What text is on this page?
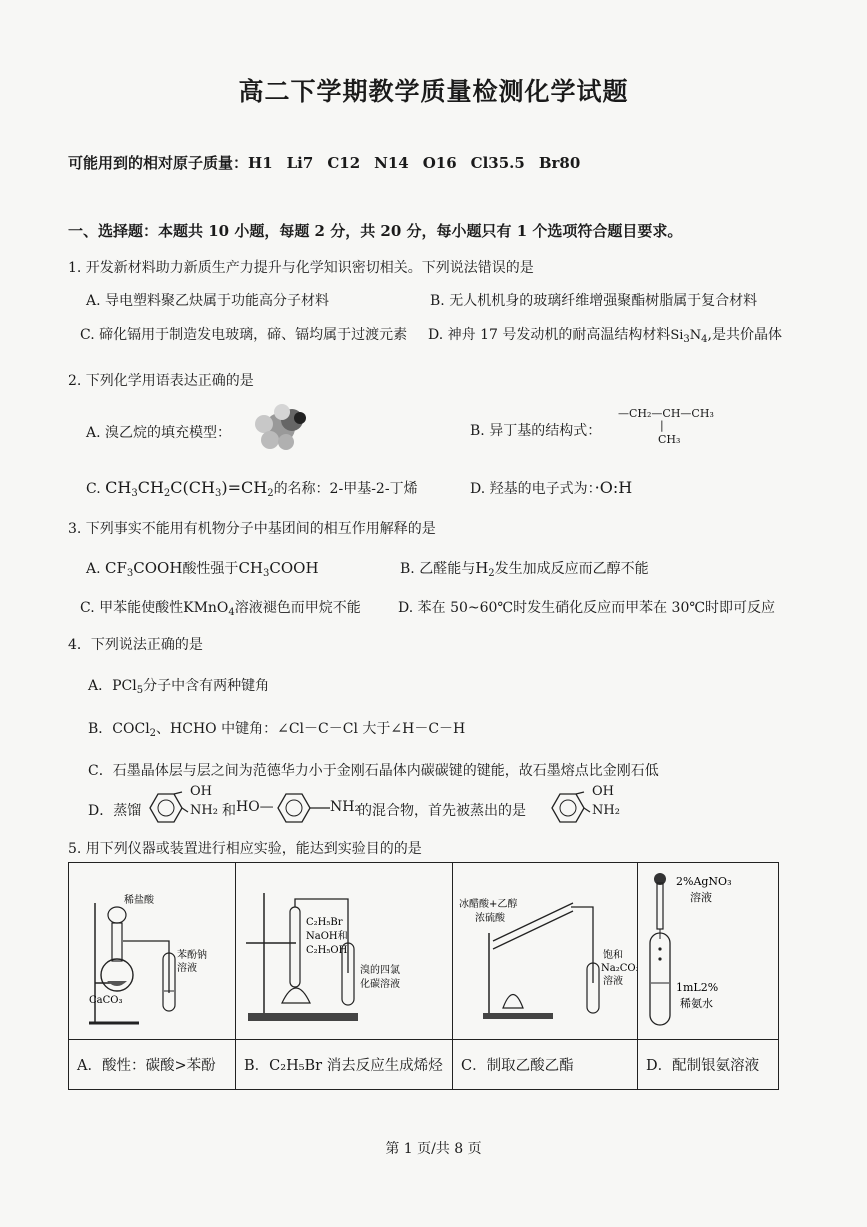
高二下学期教学质量检测化学试题
可能用到的相对原子质量：H1 Li7 C12 N14 O16 Cl35.5 Br80
一、选择题：本题共 10 小题，每题 2 分，共 20 分，每小题只有 1 个选项符合题目要求。
1. 开发新材料助力新质生产力提升与化学知识密切相关。下列说法错误的是
A. 导电塑料聚乙炔属于功能高分子材料	B. 无人机机身的玻璃纤维增强聚酯树脂属于复合材料
C. 碲化镉用于制造发电玻璃，碲、镉均属于过渡元素 D. 神舟 17 号发动机的耐高温结构材料$Si_3N_4$,是共价晶体
2. 下列化学用语表达正确的是
A. 溴乙烷的填充模型：	B. 异丁基的结构式：
—CH₂—CH—CH₃
|
CH₃
C. $CH_3CH_2C(CH_3)=CH_2$的名称：2-甲基-2-丁烯	D. 羟基的电子式为：·O:H
3. 下列事实不能用有机物分子中基团间的相互作用解释的是
A. $CF_3COOH$酸性强于$CH_3COOH$	B. 乙醛能与$H_2$发生加成反应而乙醇不能
C. 甲苯能使酸性KMnO$_4$溶液褪色而甲烷不能	D. 苯在 50~60℃时发生硝化反应而甲苯在 30℃时即可反应
4．下列说法正确的是
A．PCl$_5$分子中含有两种键角
B．COCl$_2$、HCHO 中键角：∠Cl－C－Cl 大于∠H－C－H
C．石墨晶体层与层之间为范德华力小于金刚石晶体内碳碳键的键能，故石墨熔点比金刚石低
D．蒸馏
OH
NH₂ 和 HO—	NH₂
的混合物，首先被蒸出的是
OH
NH₂
5. 用下列仪器或装置进行相应实验，能达到实验目的的是
稀盐酸
苯酚钠
溶液
CaCO₃	C₂H₅Br
NaOH和
C₂H₅OH
溴的四氯
化碳溶液	冰醋酸+乙醇
浓硫酸
饱和
Na₂CO₃
溶液	2%AgNO₃
溶液
1mL2%
稀氨水

A．酸性：碳酸>苯酚	B．C₂H₅Br 消去反应生成烯烃	C．制取乙酸乙酯	D．配制银氨溶液
第 1 页/共 8 页
